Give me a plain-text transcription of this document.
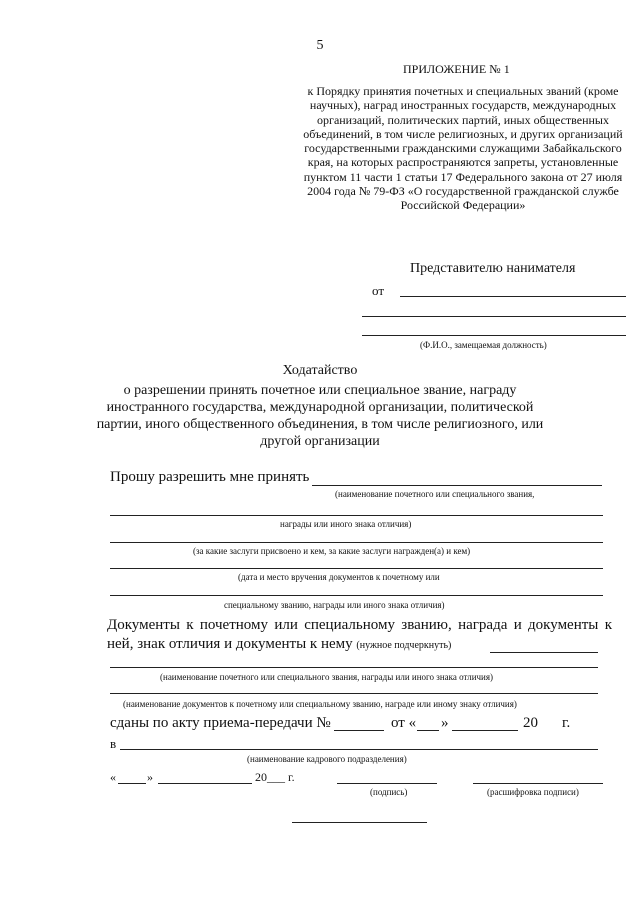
5
ПРИЛОЖЕНИЕ № 1
к Порядку принятия почетных и специальных званий (кроме научных), наград иностранных государств, международных организаций, политических партий, иных общественных объединений, в том числе религиозных, и других организаций государственными гражданскими служащими Забайкальского края, на которых распространяются запреты, установленные пунктом 11 части 1 статьи 17 Федерального закона от 27 июля 2004 года № 79-ФЗ «О государственной гражданской службе Российской Федерации»
Представителю нанимателя
от
(Ф.И.О., замещаемая должность)
Ходатайство
о разрешении принять почетное или специальное звание, награду иностранного государства, международной организации, политической партии, иного общественного объединения, в том числе религиозного, или другой организации
Прошу разрешить мне принять
(наименование почетного или специального звания,
награды или иного знака отличия)
(за какие заслуги присвоено и кем, за какие заслуги награжден(а) и кем)
(дата и место вручения документов к почетному или
специальному званию, награды или иного знака отличия)
Документы к почетному или специальному званию, награда и документы к ней, знак отличия и документы к нему (нужное подчеркнуть)
(наименование почетного или специального звания, награды или иного знака отличия)
(наименование документов к почетному или специальному званию, награде или иному знаку отличия)
сданы по акту приема-передачи №	от « »	20 г.
в
(наименование кадрового подразделения)
«	»	20___ г.
(подпись)	(расшифровка подписи)
